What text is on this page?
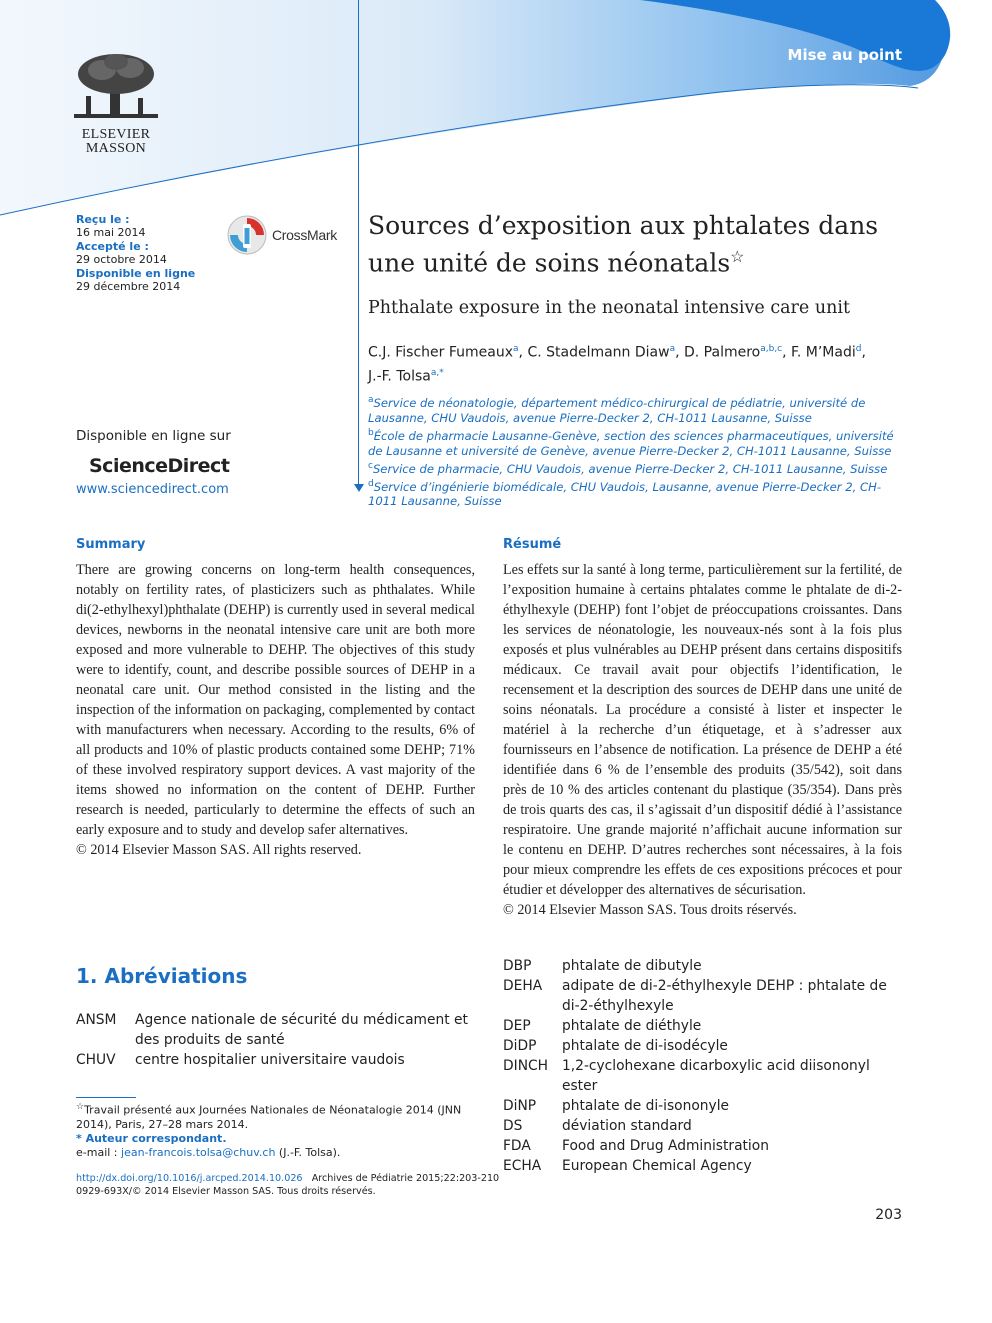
Mise au point
ELSEVIER
MASSON
Reçu le :
16 mai 2014
Accepté le :
29 octobre 2014
Disponible en ligne
29 décembre 2014
CrossMark
Disponible en ligne sur
ScienceDirect
www.sciencedirect.com
Sources d’exposition aux phtalates dans une unité de soins néonatals☆
Phthalate exposure in the neonatal intensive care unit
C.J. Fischer Fumeaux$^a$, C. Stadelmann Diaw$^a$, D. Palmero$^{a,b,c}$, F. M’Madi$^d$,
J.-F. Tolsa$^{a,*}$
$^a$Service de néonatologie, département médico-chirurgical de pédiatrie, université de Lausanne, CHU Vaudois, avenue Pierre-Decker 2, CH-1011 Lausanne, Suisse
$^b$École de pharmacie Lausanne-Genève, section des sciences pharmaceutiques, université de Lausanne et université de Genève, avenue Pierre-Decker 2, CH-1011 Lausanne, Suisse
$^c$Service de pharmacie, CHU Vaudois, avenue Pierre-Decker 2, CH-1011 Lausanne, Suisse
$^d$Service d’ingénierie biomédicale, CHU Vaudois, Lausanne, avenue Pierre-Decker 2, CH-1011 Lausanne, Suisse
Summary
There are growing concerns on long-term health consequences, notably on fertility rates, of plasticizers such as phthalates. While di(2-ethylhexyl)phthalate (DEHP) is currently used in several medical devices, newborns in the neonatal intensive care unit are both more exposed and more vulnerable to DEHP. The objectives of this study were to identify, count, and describe possible sources of DEHP in a neonatal care unit. Our method consisted in the listing and the inspection of the information on packaging, complemented by contact with manufacturers when necessary. According to the results, 6% of all products and 10% of plastic products contained some DEHP; 71% of these involved respiratory support devices. A vast majority of the items showed no information on the content of DEHP. Further research is needed, particularly to determine the effects of such an early exposure and to study and develop safer alternatives.
© 2014 Elsevier Masson SAS. All rights reserved.
Résumé
Les effets sur la santé à long terme, particulièrement sur la fertilité, de l’exposition humaine à certains phtalates comme le phtalate de di-2-éthylhexyle (DEHP) font l’objet de préoccupations croissantes. Dans les services de néonatologie, les nouveaux-nés sont à la fois plus exposés et plus vulnérables au DEHP présent dans certains dispositifs médicaux. Ce travail avait pour objectifs l’identification, le recensement et la description des sources de DEHP dans une unité de soins néonatals. La procédure a consisté à lister et inspecter le matériel à la recherche d’un étiquetage, et à s’adresser aux fournisseurs en l’absence de notification. La présence de DEHP a été identifiée dans 6 % de l’ensemble des produits (35/542), soit dans près de 10 % des articles contenant du plastique (35/354). Dans près de trois quarts des cas, il s’agissait d’un dispositif dédié à l’assistance respiratoire. Une grande majorité n’affichait aucune information sur le contenu en DEHP. D’autres recherches sont nécessaires, à la fois pour mieux comprendre les effets de ces expositions précoces et pour étudier et développer des alternatives de sécurisation.
© 2014 Elsevier Masson SAS. Tous droits réservés.
1. Abréviations
ANSM	Agence nationale de sécurité du médicament et des produits de santé
CHUV	centre hospitalier universitaire vaudois
DBP	phtalate de dibutyle
DEHA	adipate de di-2-éthylhexyle DEHP : phtalate de di-2-éthylhexyle
DEP	phtalate de diéthyle
DiDP	phtalate de di-isodécyle
DINCH	1,2-cyclohexane dicarboxylic acid diisononyl ester
DiNP	phtalate de di-isononyle
DS	déviation standard
FDA	Food and Drug Administration
ECHA	European Chemical Agency
☆Travail présenté aux Journées Nationales de Néonatalogie 2014 (JNN 2014), Paris, 27–28 mars 2014.
* Auteur correspondant.
e-mail : jean-francois.tolsa@chuv.ch (J.-F. Tolsa).
http://dx.doi.org/10.1016/j.arcped.2014.10.026 Archives de Pédiatrie 2015;22:203-210
0929-693X/© 2014 Elsevier Masson SAS. Tous droits réservés.
203
